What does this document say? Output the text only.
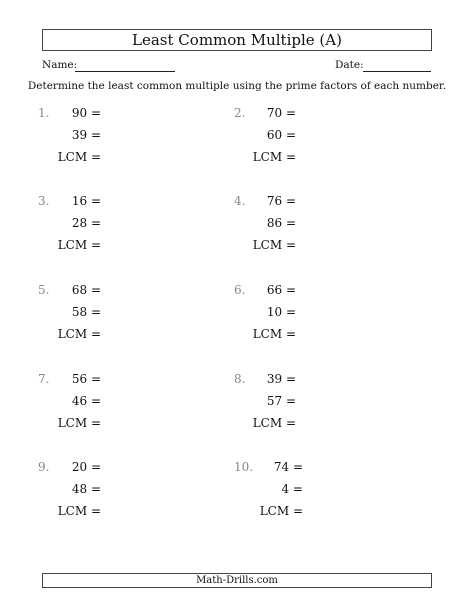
Least Common Multiple (A)
Name:	Date:
Determine the least common multiple using the prime factors of each number.
1.	90 =
39 =
LCM =
2.	70 =
60 =
LCM =
3.	16 =
28 =
LCM =
4.	76 =
86 =
LCM =
5.	68 =
58 =
LCM =
6.	66 =
10 =
LCM =
7.	56 =
46 =
LCM =
8.	39 =
57 =
LCM =
9.	20 =
48 =
LCM =
10.	74 =
4 =
LCM =
Math-Drills.com
